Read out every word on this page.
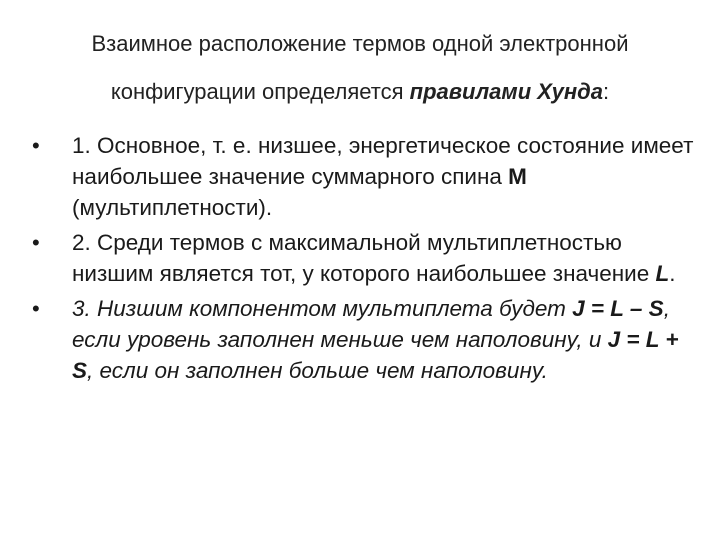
Взаимное расположение термов одной электронной
конфигурации определяется правилами Хунда:
• 1. Основное, т. е. низшее, энергетическое состояние имеет наибольшее значение суммарного спина M (мультиплетности).
• 2. Среди термов с максимальной мультиплетностью низшим является тот, у которого наибольшее значение L.
• 3. Низшим компонентом мультиплета будет J = L – S, если уровень заполнен меньше чем наполовину, и J = L + S, если он заполнен больше чем наполовину.
